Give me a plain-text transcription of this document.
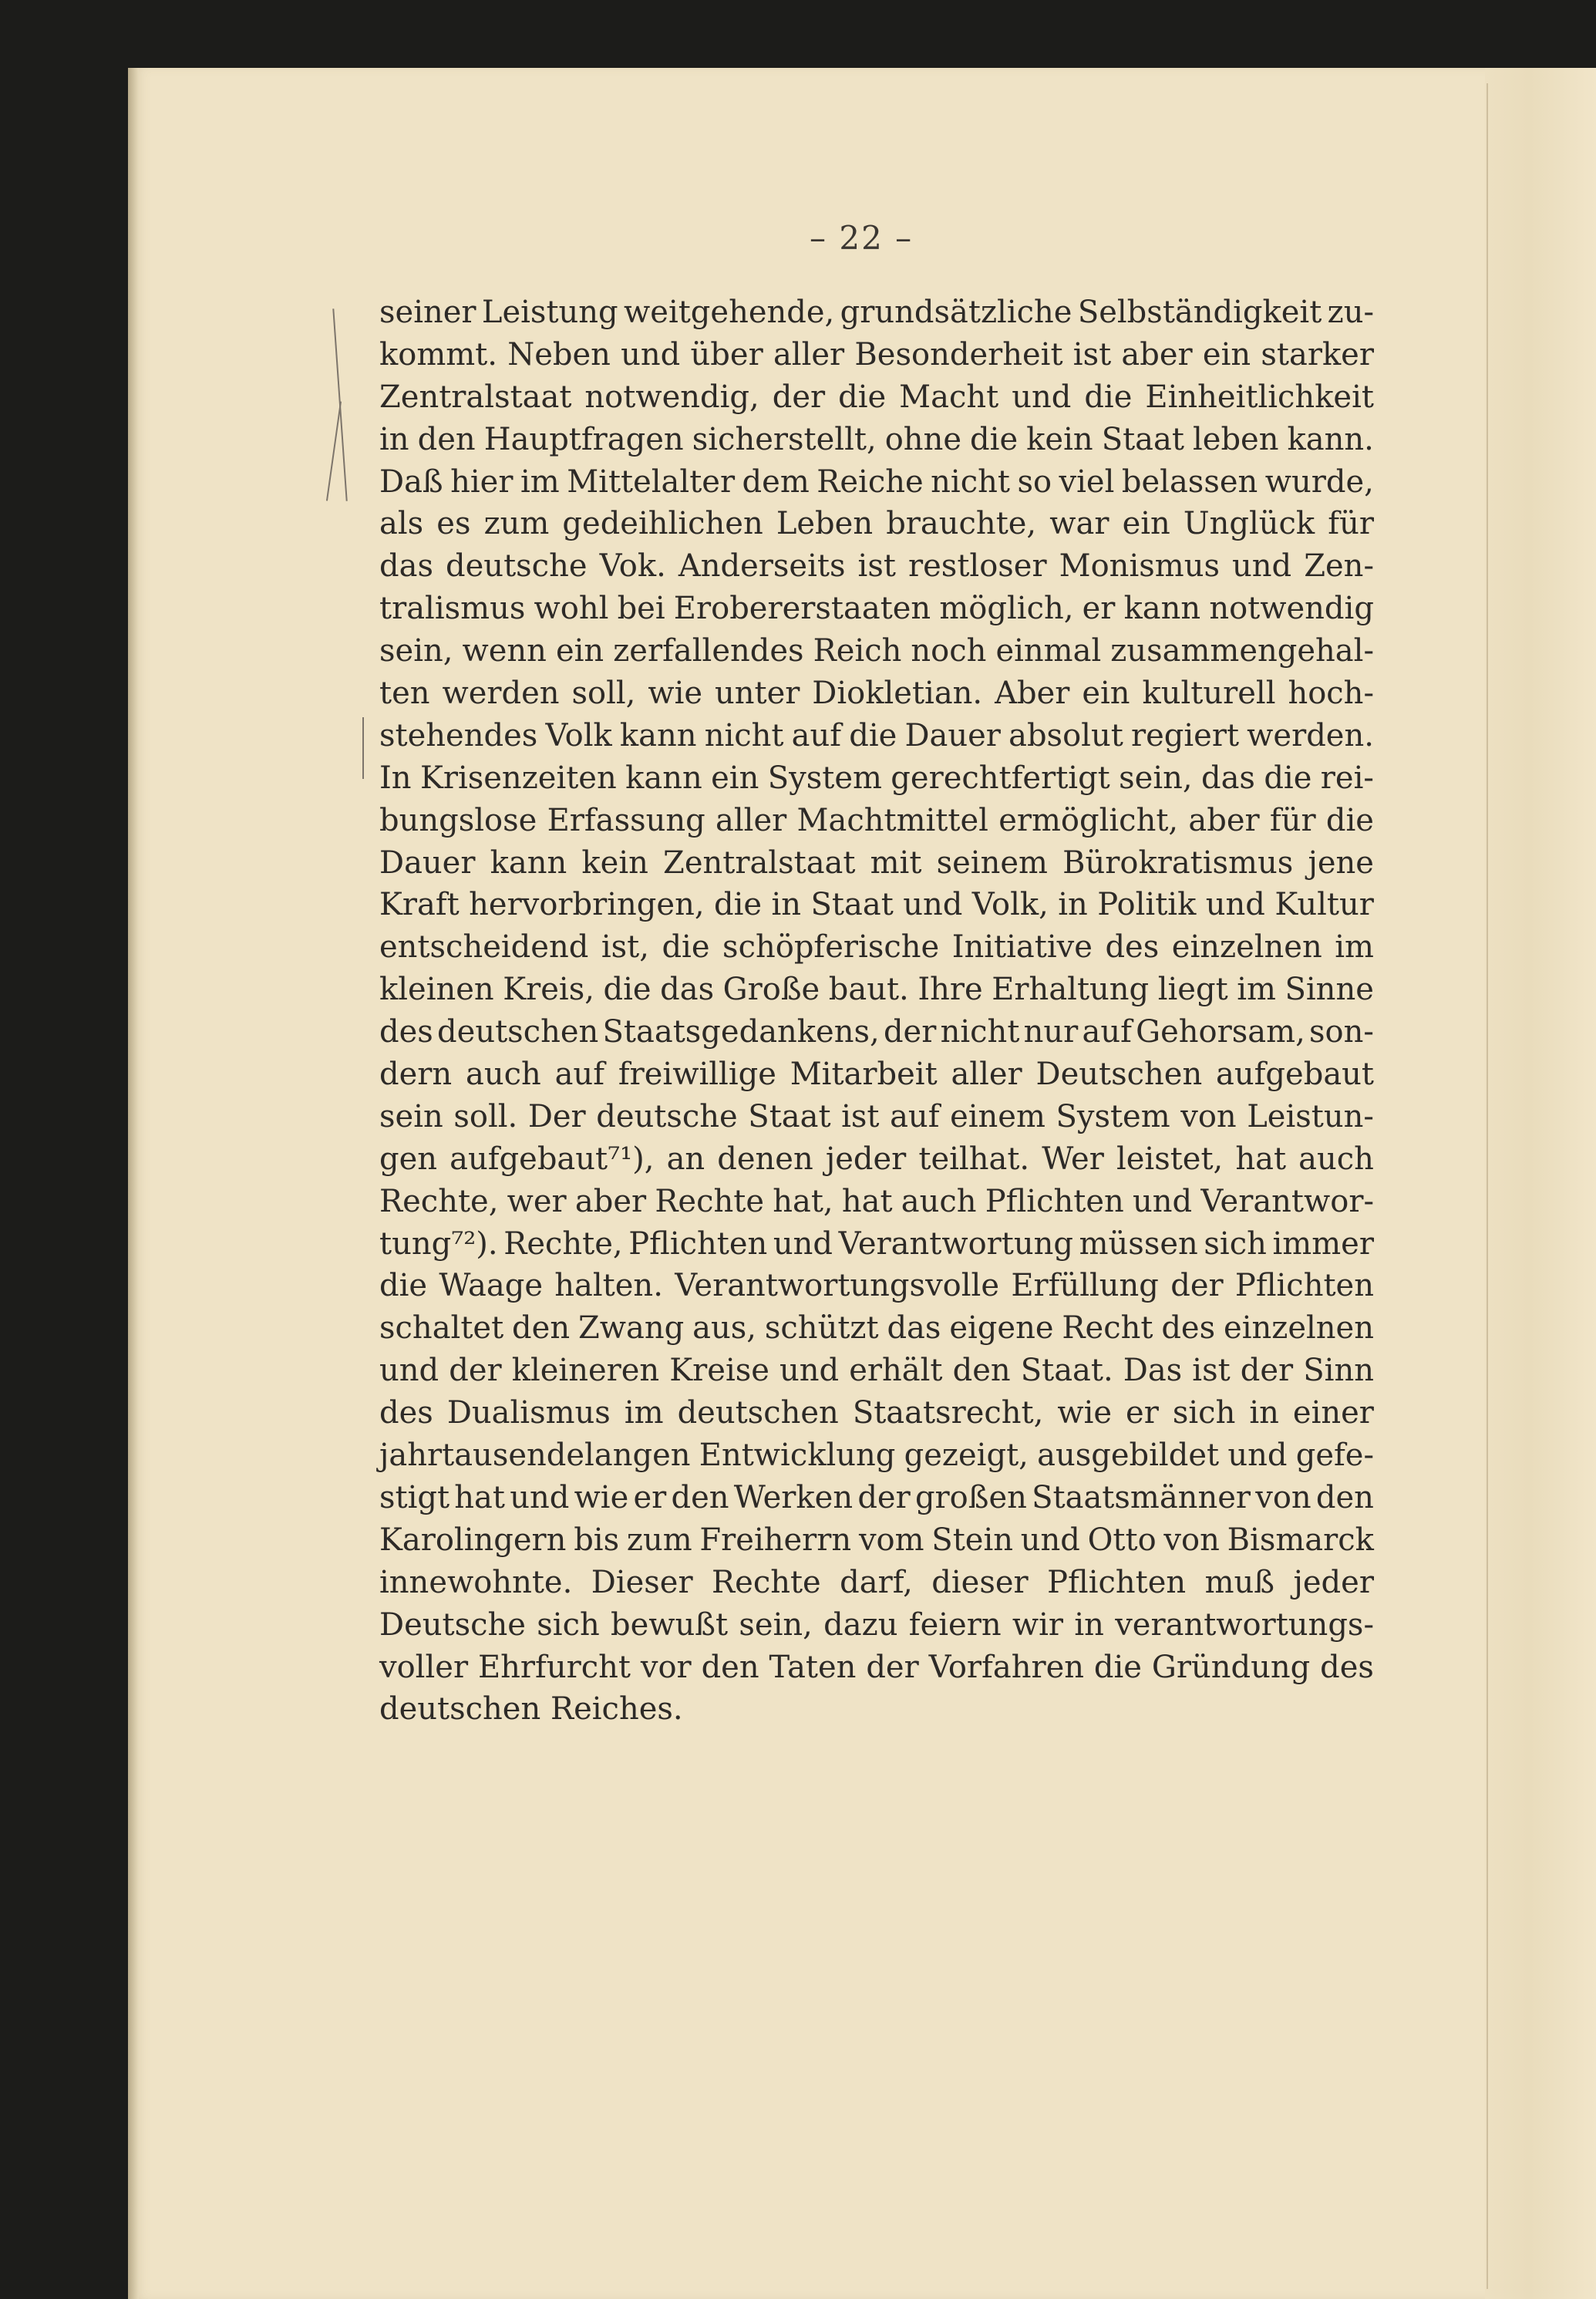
– 22 –
seiner Leistung weitgehende, grundsätzliche Selbständigkeit zu-
kommt. Neben und über aller Besonderheit ist aber ein starker
Zentralstaat notwendig, der die Macht und die Einheitlichkeit
in den Hauptfragen sicherstellt, ohne die kein Staat leben kann.
Daß hier im Mittelalter dem Reiche nicht so viel belassen wurde,
als es zum gedeihlichen Leben brauchte, war ein Unglück für
das deutsche Vok. Anderseits ist restloser Monismus und Zen-
tralismus wohl bei Erobererstaaten möglich, er kann notwendig
sein, wenn ein zerfallendes Reich noch einmal zusammengehal-
ten werden soll, wie unter Diokletian. Aber ein kulturell hoch-
stehendes Volk kann nicht auf die Dauer absolut regiert werden.
In Krisenzeiten kann ein System gerechtfertigt sein, das die rei-
bungslose Erfassung aller Machtmittel ermöglicht, aber für die
Dauer kann kein Zentralstaat mit seinem Bürokratismus jene
Kraft hervorbringen, die in Staat und Volk, in Politik und Kultur
entscheidend ist, die schöpferische Initiative des einzelnen im
kleinen Kreis, die das Große baut. Ihre Erhaltung liegt im Sinne
des deutschen Staatsgedankens, der nicht nur auf Gehorsam, son-
dern auch auf freiwillige Mitarbeit aller Deutschen aufgebaut
sein soll. Der deutsche Staat ist auf einem System von Leistun-
gen aufgebaut⁷¹), an denen jeder teilhat. Wer leistet, hat auch
Rechte, wer aber Rechte hat, hat auch Pflichten und Verantwor-
tung⁷²). Rechte, Pflichten und Verantwortung müssen sich immer
die Waage halten. Verantwortungsvolle Erfüllung der Pflichten
schaltet den Zwang aus, schützt das eigene Recht des einzelnen
und der kleineren Kreise und erhält den Staat. Das ist der Sinn
des Dualismus im deutschen Staatsrecht, wie er sich in einer
jahrtausendelangen Entwicklung gezeigt, ausgebildet und gefe-
stigt hat und wie er den Werken der großen Staatsmänner von den
Karolingern bis zum Freiherrn vom Stein und Otto von Bismarck
innewohnte. Dieser Rechte darf, dieser Pflichten muß jeder
Deutsche sich bewußt sein, dazu feiern wir in verantwortungs-
voller Ehrfurcht vor den Taten der Vorfahren die Gründung des
deutschen Reiches.
